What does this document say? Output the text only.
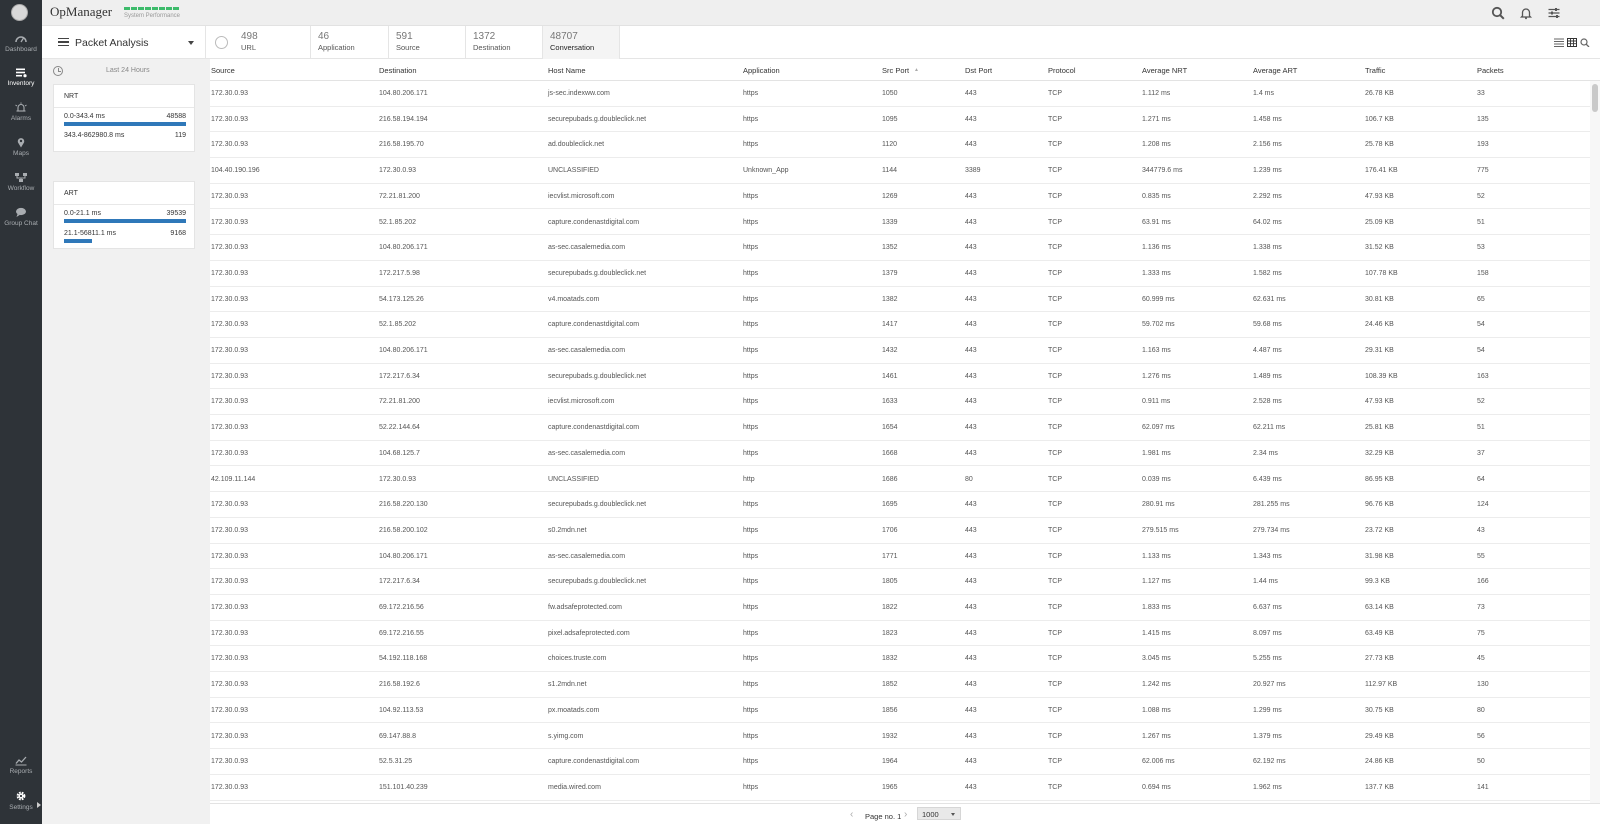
Dashboard
Inventory
Alarms
Maps
Workflow
Group Chat
Reports
Settings
OpManager System Performance
Packet Analysis
498
URL
46
Application
591
Source
1372
Destination
48707
Conversation
Last 24 Hours
NRT
0.0-343.4 ms	48588
343.4-862980.8 ms	119
ART
0.0-21.1 ms	39539
21.1-56811.1 ms	9168
Source	Destination	Host Name	Application	Src Port	Dst Port	Protocol	Average NRT	Average ART	Traffic	Packets
▲
172.30.0.93	104.80.206.171	js-sec.indexww.com	https	1050	443	TCP	1.112 ms	1.4 ms	26.78 KB	33
172.30.0.93	216.58.194.194	securepubads.g.doubleclick.net	https	1095	443	TCP	1.271 ms	1.458 ms	106.7 KB	135
172.30.0.93	216.58.195.70	ad.doubleclick.net	https	1120	443	TCP	1.208 ms	2.156 ms	25.78 KB	193
104.40.190.196	172.30.0.93	UNCLASSIFIED	Unknown_App	1144	3389	TCP	344779.6 ms	1.239 ms	176.41 KB	775
172.30.0.93	72.21.81.200	iecvlist.microsoft.com	https	1269	443	TCP	0.835 ms	2.292 ms	47.93 KB	52
172.30.0.93	52.1.85.202	capture.condenastdigital.com	https	1339	443	TCP	63.91 ms	64.02 ms	25.09 KB	51
172.30.0.93	104.80.206.171	as-sec.casalemedia.com	https	1352	443	TCP	1.136 ms	1.338 ms	31.52 KB	53
172.30.0.93	172.217.5.98	securepubads.g.doubleclick.net	https	1379	443	TCP	1.333 ms	1.582 ms	107.78 KB	158
172.30.0.93	54.173.125.26	v4.moatads.com	https	1382	443	TCP	60.999 ms	62.631 ms	30.81 KB	65
172.30.0.93	52.1.85.202	capture.condenastdigital.com	https	1417	443	TCP	59.702 ms	59.68 ms	24.46 KB	54
172.30.0.93	104.80.206.171	as-sec.casalemedia.com	https	1432	443	TCP	1.163 ms	4.487 ms	29.31 KB	54
172.30.0.93	172.217.6.34	securepubads.g.doubleclick.net	https	1461	443	TCP	1.276 ms	1.489 ms	108.39 KB	163
172.30.0.93	72.21.81.200	iecvlist.microsoft.com	https	1633	443	TCP	0.911 ms	2.528 ms	47.93 KB	52
172.30.0.93	52.22.144.64	capture.condenastdigital.com	https	1654	443	TCP	62.097 ms	62.211 ms	25.81 KB	51
172.30.0.93	104.68.125.7	as-sec.casalemedia.com	https	1668	443	TCP	1.981 ms	2.34 ms	32.29 KB	37
42.109.11.144	172.30.0.93	UNCLASSIFIED	http	1686	80	TCP	0.039 ms	6.439 ms	86.95 KB	64
172.30.0.93	216.58.220.130	securepubads.g.doubleclick.net	https	1695	443	TCP	280.91 ms	281.255 ms	96.76 KB	124
172.30.0.93	216.58.200.102	s0.2mdn.net	https	1706	443	TCP	279.515 ms	279.734 ms	23.72 KB	43
172.30.0.93	104.80.206.171	as-sec.casalemedia.com	https	1771	443	TCP	1.133 ms	1.343 ms	31.98 KB	55
172.30.0.93	172.217.6.34	securepubads.g.doubleclick.net	https	1805	443	TCP	1.127 ms	1.44 ms	99.3 KB	166
172.30.0.93	69.172.216.56	fw.adsafeprotected.com	https	1822	443	TCP	1.833 ms	6.637 ms	63.14 KB	73
172.30.0.93	69.172.216.55	pixel.adsafeprotected.com	https	1823	443	TCP	1.415 ms	8.097 ms	63.49 KB	75
172.30.0.93	54.192.118.168	choices.truste.com	https	1832	443	TCP	3.045 ms	5.255 ms	27.73 KB	45
172.30.0.93	216.58.192.6	s1.2mdn.net	https	1852	443	TCP	1.242 ms	20.927 ms	112.97 KB	130
172.30.0.93	104.92.113.53	px.moatads.com	https	1856	443	TCP	1.088 ms	1.299 ms	30.75 KB	80
172.30.0.93	69.147.88.8	s.yimg.com	https	1932	443	TCP	1.267 ms	1.379 ms	29.49 KB	56
172.30.0.93	52.5.31.25	capture.condenastdigital.com	https	1964	443	TCP	62.006 ms	62.192 ms	24.86 KB	50
172.30.0.93	151.101.40.239	media.wired.com	https	1965	443	TCP	0.694 ms	1.962 ms	137.7 KB	141
‹ Page no. 1 › 1000
